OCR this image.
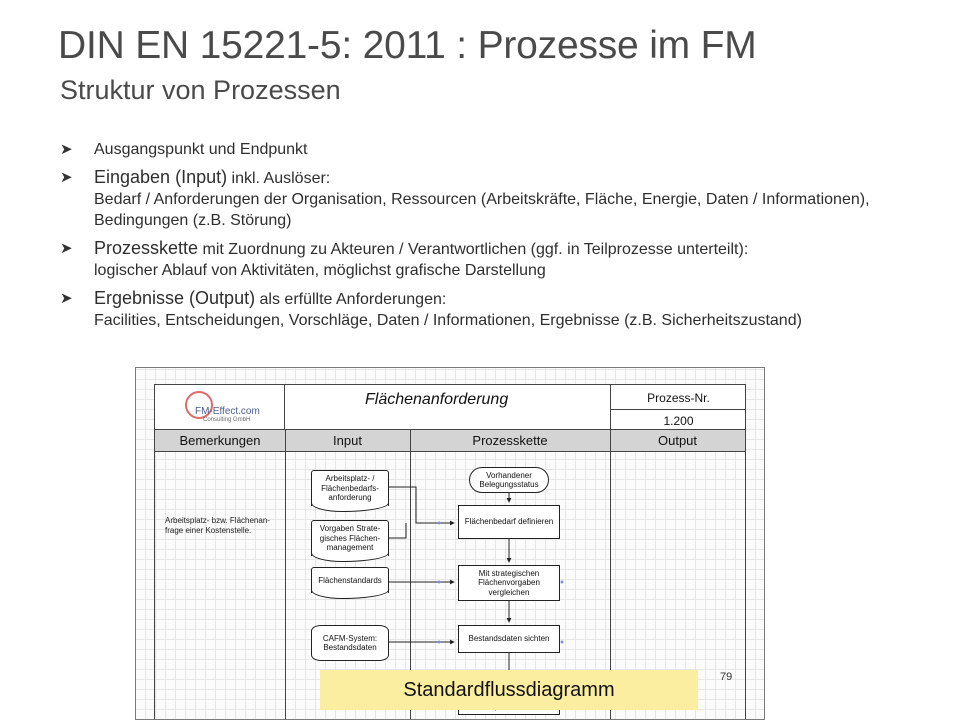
DIN EN 15221-5: 2011 : Prozesse im FM
Struktur von Prozessen
➤ Ausgangspunkt und Endpunkt
➤ Eingaben (Input) inkl. Auslöser:
Bedarf / Anforderungen der Organisation, Ressourcen (Arbeitskräfte, Fläche, Energie, Daten / Informationen), Bedingungen (z.B. Störung)
➤ Prozesskette mit Zuordnung zu Akteuren / Verantwortlichen (ggf. in Teilprozesse unterteilt):
logischer Ablauf von Aktivitäten, möglichst grafische Darstellung
➤ Ergebnisse (Output) als erfüllte Anforderungen:
Facilities, Entscheidungen, Vorschläge, Daten / Informationen, Ergebnisse (z.B. Sicherheitszustand)
FM-Effect.com
Consulting GmbH
Flächenanforderung	Prozess-Nr.
1.200
Bemerkungen	Input	Prozesskette	Output
Arbeitsplatz- bzw. Flächenan-frage einer Kostenstelle.
Arbeitsplatz- / Flächenbedarfs-anforderung
Vorgaben Strate-gisches Flächen-management
Flächenstandards
CAFM-System: Bestandsdaten
Vorhandener Belegungsstatus
Flächenbedarf definieren
Mit strategischen Flächenvorgaben vergleichen
Bestandsdaten sichten
Standardflussdiagramm
79
